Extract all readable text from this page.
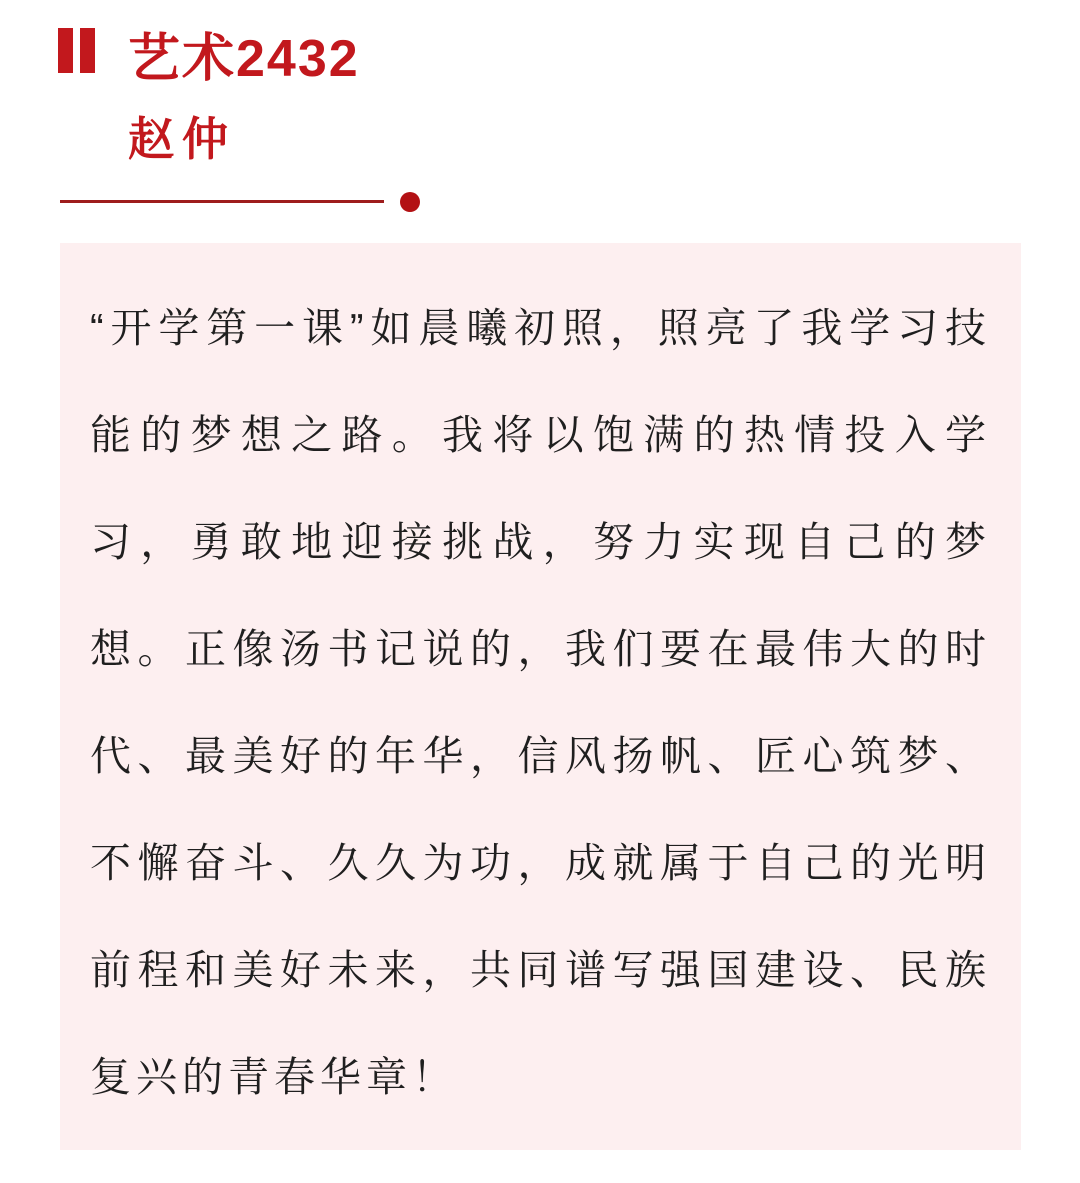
艺术2432
赵仲
“开学第一课”如晨曦初照，照亮了我学习技
能的梦想之路。我将以饱满的热情投入学
习，勇敢地迎接挑战，努力实现自己的梦
想。正像汤书记说的，我们要在最伟大的时
代、最美好的年华，信风扬帆、匠心筑梦、
不懈奋斗、久久为功，成就属于自己的光明
前程和美好未来，共同谱写强国建设、民族
复兴的青春华章！
